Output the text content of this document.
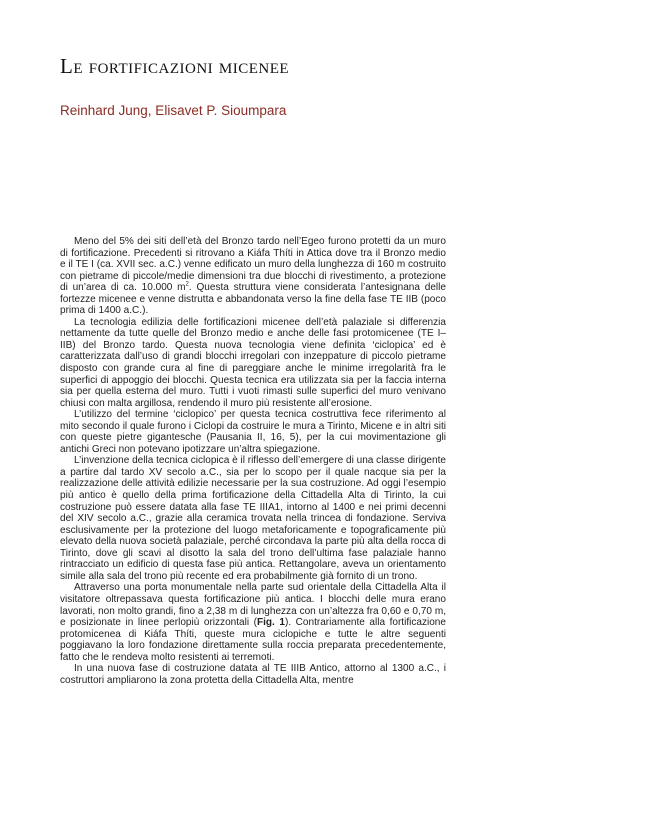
Le fortificazioni micenee
Reinhard Jung, Elisavet P. Sioumpara

Meno del 5% dei siti dell’età del Bronzo tardo nell’Egeo furono protetti da un muro di fortificazione. Precedenti si ritrovano a Kiáfa Thíti in Attica dove tra il Bronzo medio e il TE I (ca. XVII sec. a.C.) venne edificato un muro della lunghezza di 160 m costruito con pietrame di piccole/medie dimensioni tra due blocchi di rivestimento, a protezione di un’area di ca. 10.000 $m^2$. Questa struttura viene considerata l’antesignana delle fortezze micenee e venne distrutta e abbandonata verso la fine della fase TE IIB (poco prima di 1400 a.C.).

La tecnologia edilizia delle fortificazioni micenee dell’età palaziale si differenzia nettamente da tutte quelle del Bronzo medio e anche delle fasi protomicenee (TE I–IIB) del Bronzo tardo. Questa nuova tecnologia viene definita ‘ciclopica’ ed è caratterizzata dall’uso di grandi blocchi irregolari con inzeppature di piccolo pietrame disposto con grande cura al fine di pareggiare anche le minime irregolarità fra le superfici di appoggio dei blocchi. Questa tecnica era utilizzata sia per la faccia interna sia per quella esterna del muro. Tutti i vuoti rimasti sulle superfici del muro venivano chiusi con malta argillosa, rendendo il muro più resistente all’erosione.

L’utilizzo del termine ‘ciclopico’ per questa tecnica costruttiva fece riferimento al mito secondo il quale furono i Ciclopi da costruire le mura a Tirinto, Micene e in altri siti con queste pietre gigantesche (Pausania II, 16, 5), per la cui movimentazione gli antichi Greci non potevano ipotizzare un’altra spiegazione.

L’invenzione della tecnica ciclopica è il riflesso dell’emergere di una classe dirigente a partire dal tardo XV secolo a.C., sia per lo scopo per il quale nacque sia per la realizzazione delle attività edilizie necessarie per la sua costruzione. Ad oggi l’esempio più antico è quello della prima fortificazione della Cittadella Alta di Tirinto, la cui costruzione può essere datata alla fase TE IIIA1, intorno al 1400 e nei primi decenni del XIV secolo a.C., grazie alla ceramica trovata nella trincea di fondazione. Serviva esclusivamente per la protezione del luogo metaforicamente e topograficamente più elevato della nuova società palaziale, perché circondava la parte più alta della rocca di Tirinto, dove gli scavi al disotto la sala del trono dell’ultima fase palaziale hanno rintracciato un edificio di questa fase più antica. Rettangolare, aveva un orientamento simile alla sala del trono più recente ed era probabilmente già fornito di un trono.

Attraverso una porta monumentale nella parte sud orientale della Cittadella Alta il visitatore oltrepassava questa fortificazione più antica. I blocchi delle mura erano lavorati, non molto grandi, fino a 2,38 m di lunghezza con un’altezza fra 0,60 e 0,70 m, e posizionate in linee perlopiù orizzontali (Fig. 1). Contrariamente alla fortificazione protomicenea di Kiáfa Thíti, queste mura ciclopiche e tutte le altre seguenti poggiavano la loro fondazione direttamente sulla roccia preparata precedentemente, fatto che le rendeva molto resistenti ai terremoti.

In una nuova fase di costruzione datata al TE IIIB Antico, attorno al 1300 a.C., i costruttori ampliarono la zona protetta della Cittadella Alta, mentre
